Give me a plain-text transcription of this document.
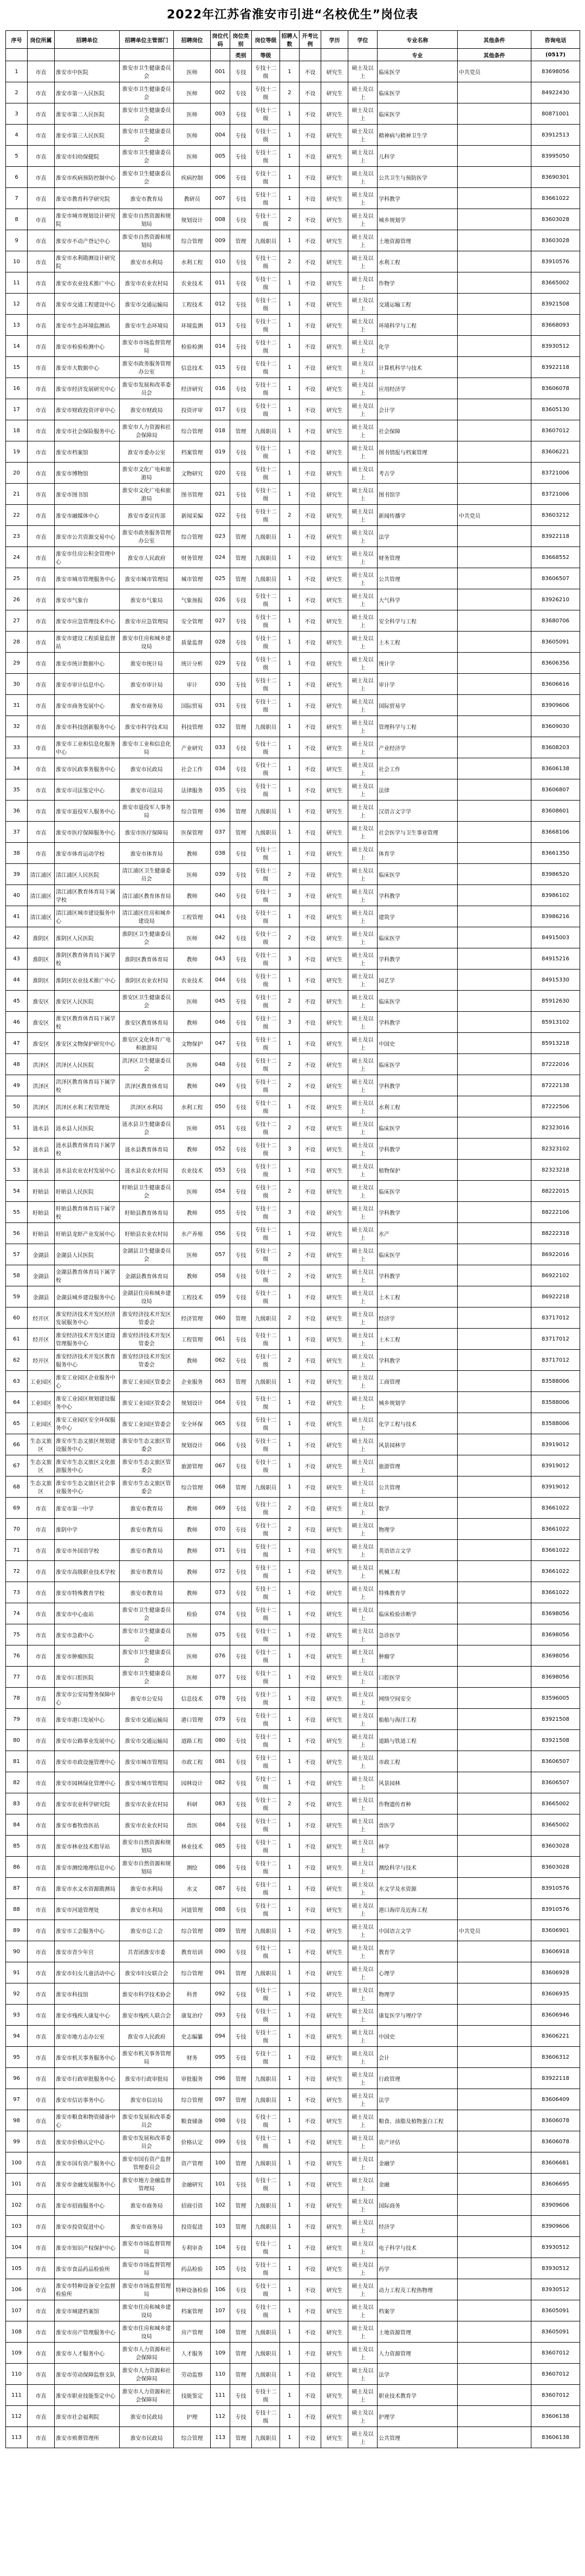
2022年江苏省淮安市引进“名校优生”岗位表
序号	岗位所属	招聘单位	招聘单位主管部门	招聘岗位	岗位代码	岗位类别	岗位等级	招聘人数	开考比例	学历	学位	专业名称	其他条件	咨询电话
						类别	等级					专业	其他条件	(0517)
1	市直	淮安市中医院	淮安市卫生健康委员会	医师	001	专技	专技十二级	1	不设	研究生	硕士及以上	临床医学	中共党员	83698056
2	市直	淮安市第一人民医院	淮安市卫生健康委员会	医师	002	专技	专技十二级	2	不设	研究生	硕士及以上	临床医学		84922430
3	市直	淮安市第二人民医院	淮安市卫生健康委员会	医师	003	专技	专技十二级	1	不设	研究生	硕士及以上	临床医学		80871001
4	市直	淮安市第三人民医院	淮安市卫生健康委员会	医师	004	专技	专技十二级	1	不设	研究生	硕士及以上	精神病与精神卫生学		83912513
5	市直	淮安市妇幼保健院	淮安市卫生健康委员会	医师	005	专技	专技十二级	1	不设	研究生	硕士及以上	儿科学		83995050
6	市直	淮安市疾病预防控制中心	淮安市卫生健康委员会	疾病控制	006	专技	专技十二级	1	不设	研究生	硕士及以上	公共卫生与预防医学		83690301
7	市直	淮安市教育科学研究院	淮安市教育局	教研员	007	专技	专技十二级	1	不设	研究生	硕士及以上	学科教学		83661022
8	市直	淮安市城市规划设计研究院	淮安市自然资源和规划局	规划设计	008	专技	专技十二级	2	不设	研究生	硕士及以上	城乡规划学		83603028
9	市直	淮安市不动产登记中心	淮安市自然资源和规划局	综合管理	009	管理	九级职员	1	不设	研究生	硕士及以上	土地资源管理		83603028
10	市直	淮安市水利勘测设计研究院	淮安市水利局	水利工程	010	专技	专技十二级	2	不设	研究生	硕士及以上	水利工程		83910576
11	市直	淮安市农业技术推广中心	淮安市农业农村局	农业技术	011	专技	专技十二级	1	不设	研究生	硕士及以上	作物学		83665002
12	市直	淮安市交通工程建设中心	淮安市交通运输局	工程技术	012	专技	专技十二级	1	不设	研究生	硕士及以上	交通运输工程		83921508
13	市直	淮安市生态环境监测站	淮安市生态环境局	环境监测	013	专技	专技十二级	1	不设	研究生	硕士及以上	环境科学与工程		83668093
14	市直	淮安市检验检测中心	淮安市市场监督管理局	检验检测	014	专技	专技十二级	1	不设	研究生	硕士及以上	化学		83930512
15	市直	淮安市大数据中心	淮安市政务服务管理办公室	信息技术	015	专技	专技十二级	1	不设	研究生	硕士及以上	计算机科学与技术		83922118
16	市直	淮安市经济发展研究中心	淮安市发展和改革委员会	经济研究	016	专技	专技十二级	1	不设	研究生	硕士及以上	应用经济学		83606078
17	市直	淮安市财政投资评审中心	淮安市财政局	投资评审	017	专技	专技十二级	1	不设	研究生	硕士及以上	会计学		83605130
18	市直	淮安市社会保险服务中心	淮安市人力资源和社会保障局	综合管理	018	管理	九级职员	1	不设	研究生	硕士及以上	社会保障		83607012
19	市直	淮安市档案馆	淮安市委办公室	档案管理	019	专技	专技十二级	1	不设	研究生	硕士及以上	图书情报与档案管理		83606221
20	市直	淮安市博物馆	淮安市文化广电和旅游局	文物研究	020	专技	专技十二级	1	不设	研究生	硕士及以上	考古学		83721006
21	市直	淮安市图书馆	淮安市文化广电和旅游局	图书管理	021	专技	专技十二级	1	不设	研究生	硕士及以上	图书馆学		83721006
22	市直	淮安市融媒体中心	淮安市委宣传部	新闻采编	022	专技	专技十二级	2	不设	研究生	硕士及以上	新闻传播学	中共党员	83603212
23	市直	淮安市公共资源交易中心	淮安市政务服务管理办公室	综合管理	023	管理	九级职员	1	不设	研究生	硕士及以上	法学		83922118
24	市直	淮安市住房公积金管理中心	淮安市人民政府	财务管理	024	管理	九级职员	1	不设	研究生	硕士及以上	财务管理		83668552
25	市直	淮安市城市管理服务中心	淮安市城市管理局	城市管理	025	管理	九级职员	1	不设	研究生	硕士及以上	公共管理		83606507
26	市直	淮安市气象台	淮安市气象局	气象预报	026	专技	专技十二级	1	不设	研究生	硕士及以上	大气科学		83926210
27	市直	淮安市应急管理技术中心	淮安市应急管理局	安全管理	027	专技	专技十二级	1	不设	研究生	硕士及以上	安全科学与工程		83680706
28	市直	淮安市建设工程质量监督站	淮安市住房和城乡建设局	质量监督	028	专技	专技十二级	1	不设	研究生	硕士及以上	土木工程		83605091
29	市直	淮安市统计数据中心	淮安市统计局	统计分析	029	专技	专技十二级	1	不设	研究生	硕士及以上	统计学		83606356
30	市直	淮安市审计信息中心	淮安市审计局	审计	030	专技	专技十二级	1	不设	研究生	硕士及以上	审计学		83606616
31	市直	淮安市商务发展中心	淮安市商务局	国际贸易	031	专技	专技十二级	1	不设	研究生	硕士及以上	国际贸易学		83909606
32	市直	淮安市科技创新服务中心	淮安市科学技术局	科技管理	032	管理	九级职员	1	不设	研究生	硕士及以上	管理科学与工程		83609030
33	市直	淮安市工业和信息化服务中心	淮安市工业和信息化局	产业研究	033	专技	专技十二级	1	不设	研究生	硕士及以上	产业经济学		83608203
34	市直	淮安市民政事务服务中心	淮安市民政局	社会工作	034	专技	专技十二级	1	不设	研究生	硕士及以上	社会工作		83606138
35	市直	淮安市司法鉴定中心	淮安市司法局	法律服务	035	专技	专技十二级	1	不设	研究生	硕士及以上	法律		83606807
36	市直	淮安市退役军人服务中心	淮安市退役军人事务局	综合管理	036	管理	九级职员	1	不设	研究生	硕士及以上	汉语言文字学		83608601
37	市直	淮安市医疗保障服务中心	淮安市医疗保障局	医保管理	037	管理	九级职员	1	不设	研究生	硕士及以上	社会医学与卫生事业管理		83668106
38	市直	淮安市体育运动学校	淮安市体育局	教师	038	专技	专技十二级	1	不设	研究生	硕士及以上	体育学		83661350
39	清江浦区	清江浦区人民医院	清江浦区卫生健康委员会	医师	039	专技	专技十二级	2	不设	研究生	硕士及以上	临床医学		83986520
40	清江浦区	清江浦区教育体育局下属学校	清江浦区教育体育局	教师	040	专技	专技十二级	3	不设	研究生	硕士及以上	学科教学		83986102
41	清江浦区	清江浦区城市建设服务中心	清江浦区住房和城乡建设局	工程管理	041	专技	专技十二级	1	不设	研究生	硕士及以上	建筑学		83986216
42	淮阴区	淮阴区人民医院	淮阴区卫生健康委员会	医师	042	专技	专技十二级	2	不设	研究生	硕士及以上	临床医学		84915003
43	淮阴区	淮阴区教育体育局下属学校	淮阴区教育体育局	教师	043	专技	专技十二级	3	不设	研究生	硕士及以上	学科教学		84915216
44	淮阴区	淮阴区农业技术推广中心	淮阴区农业农村局	农业技术	044	专技	专技十二级	1	不设	研究生	硕士及以上	园艺学		84915330
45	淮安区	淮安区人民医院	淮安区卫生健康委员会	医师	045	专技	专技十二级	2	不设	研究生	硕士及以上	临床医学		85912630
46	淮安区	淮安区教育体育局下属学校	淮安区教育体育局	教师	046	专技	专技十二级	3	不设	研究生	硕士及以上	学科教学		85913102
47	淮安区	淮安区文物保护研究中心	淮安区文化体育广电和旅游局	文物保护	047	专技	专技十二级	1	不设	研究生	硕士及以上	中国史		85913218
48	洪泽区	洪泽区人民医院	洪泽区卫生健康委员会	医师	048	专技	专技十二级	2	不设	研究生	硕士及以上	临床医学		87222016
49	洪泽区	洪泽区教育体育局下属学校	洪泽区教育体育局	教师	049	专技	专技十二级	2	不设	研究生	硕士及以上	学科教学		87222138
50	洪泽区	洪泽区水利工程管理处	洪泽区水利局	水利工程	050	专技	专技十二级	1	不设	研究生	硕士及以上	水利工程		87222506
51	涟水县	涟水县人民医院	涟水县卫生健康委员会	医师	051	专技	专技十二级	2	不设	研究生	硕士及以上	临床医学		82323016
52	涟水县	涟水县教育体育局下属学校	涟水县教育体育局	教师	052	专技	专技十二级	3	不设	研究生	硕士及以上	学科教学		82323102
53	涟水县	涟水县农业农村发展中心	涟水县农业农村局	农业技术	053	专技	专技十二级	1	不设	研究生	硕士及以上	植物保护		82323218
54	盱眙县	盱眙县人民医院	盱眙县卫生健康委员会	医师	054	专技	专技十二级	2	不设	研究生	硕士及以上	临床医学		88222015
55	盱眙县	盱眙县教育体育局下属学校	盱眙县教育体育局	教师	055	专技	专技十二级	3	不设	研究生	硕士及以上	学科教学		88222106
56	盱眙县	盱眙县龙虾产业发展中心	盱眙县农业农村局	水产养殖	056	专技	专技十二级	1	不设	研究生	硕士及以上	水产		88222318
57	金湖县	金湖县人民医院	金湖县卫生健康委员会	医师	057	专技	专技十二级	2	不设	研究生	硕士及以上	临床医学		86922016
58	金湖县	金湖县教育体育局下属学校	金湖县教育体育局	教师	058	专技	专技十二级	2	不设	研究生	硕士及以上	学科教学		86922102
59	金湖县	金湖县城乡建设服务中心	金湖县住房和城乡建设局	工程技术	059	专技	专技十二级	1	不设	研究生	硕士及以上	土木工程		86922218
60	经开区	淮安经济技术开发区经济发展服务中心	淮安经济技术开发区管委会	经济管理	060	管理	九级职员	2	不设	研究生	硕士及以上	经济学		83717012
61	经开区	淮安经济技术开发区建设管理服务中心	淮安经济技术开发区管委会	工程管理	061	专技	专技十二级	1	不设	研究生	硕士及以上	土木工程		83717012
62	经开区	淮安经济技术开发区教育服务中心	淮安经济技术开发区管委会	教师	062	专技	专技十二级	2	不设	研究生	硕士及以上	学科教学		83717012
63	工业园区	淮安工业园区企业服务中心	淮安工业园区管委会	企业服务	063	管理	九级职员	1	不设	研究生	硕士及以上	工商管理		83588006
64	工业园区	淮安工业园区规划建设服务中心	淮安工业园区管委会	规划设计	064	专技	专技十二级	1	不设	研究生	硕士及以上	城乡规划学		83588006
65	工业园区	淮安工业园区安全环保服务中心	淮安工业园区管委会	安全环保	065	专技	专技十二级	1	不设	研究生	硕士及以上	化学工程与技术		83588006
66	生态文旅区	淮安市生态文旅区规划建设服务中心	淮安市生态文旅区管委会	规划设计	066	专技	专技十二级	1	不设	研究生	硕士及以上	风景园林学		83919012
67	生态文旅区	淮安市生态文旅区文化旅游服务中心	淮安市生态文旅区管委会	旅游管理	067	专技	专技十二级	1	不设	研究生	硕士及以上	旅游管理		83919012
68	生态文旅区	淮安市生态文旅区社会事业服务中心	淮安市生态文旅区管委会	综合管理	068	管理	九级职员	1	不设	研究生	硕士及以上	公共管理		83919012
69	市直	淮安市第一中学	淮安市教育局	教师	069	专技	专技十二级	2	不设	研究生	硕士及以上	数学		83661022
70	市直	淮阴中学	淮安市教育局	教师	070	专技	专技十二级	2	不设	研究生	硕士及以上	物理学		83661022
71	市直	淮安市外国语学校	淮安市教育局	教师	071	专技	专技十二级	1	不设	研究生	硕士及以上	英语语言文学		83661022
72	市直	淮安市高级职业技术学校	淮安市教育局	教师	072	专技	专技十二级	1	不设	研究生	硕士及以上	机械工程		83661022
73	市直	淮安市特殊教育学校	淮安市教育局	教师	073	专技	专技十二级	1	不设	研究生	硕士及以上	特殊教育学		83661022
74	市直	淮安市中心血站	淮安市卫生健康委员会	检验	074	专技	专技十二级	1	不设	研究生	硕士及以上	临床检验诊断学		83698056
75	市直	淮安市急救中心	淮安市卫生健康委员会	医师	075	专技	专技十二级	1	不设	研究生	硕士及以上	急诊医学		83698056
76	市直	淮安市肿瘤医院	淮安市卫生健康委员会	医师	076	专技	专技十二级	1	不设	研究生	硕士及以上	肿瘤学		83698056
77	市直	淮安市口腔医院	淮安市卫生健康委员会	医师	077	专技	专技十二级	1	不设	研究生	硕士及以上	口腔医学		83698056
78	市直	淮安市公安局警务保障中心	淮安市公安局	信息技术	078	专技	专技十二级	1	不设	研究生	硕士及以上	网络空间安全		83596005
79	市直	淮安市港口发展中心	淮安市交通运输局	港口管理	079	专技	专技十二级	1	不设	研究生	硕士及以上	船舶与海洋工程		83921508
80	市直	淮安市公路事业发展中心	淮安市交通运输局	道路工程	080	专技	专技十二级	1	不设	研究生	硕士及以上	道路与铁道工程		83921508
81	市直	淮安市市政设施管理中心	淮安市城市管理局	市政工程	081	专技	专技十二级	1	不设	研究生	硕士及以上	市政工程		83606507
82	市直	淮安市园林绿化管理中心	淮安市城市管理局	园林设计	082	专技	专技十二级	1	不设	研究生	硕士及以上	风景园林		83606507
83	市直	淮安市农业科学研究院	淮安市农业农村局	科研	083	专技	专技十二级	2	不设	研究生	硕士及以上	作物遗传育种		83665002
84	市直	淮安市畜牧兽医站	淮安市农业农村局	兽医	084	专技	专技十二级	1	不设	研究生	硕士及以上	兽医学		83665002
85	市直	淮安市林业技术指导站	淮安市自然资源和规划局	林业技术	085	专技	专技十二级	1	不设	研究生	硕士及以上	林学		83603028
86	市直	淮安市测绘地理信息中心	淮安市自然资源和规划局	测绘	086	专技	专技十二级	1	不设	研究生	硕士及以上	测绘科学与技术		83603028
87	市直	淮安市水文水资源勘测局	淮安市水利局	水文	087	专技	专技十二级	1	不设	研究生	硕士及以上	水文学及水资源		83910576
88	市直	淮安市河道管理处	淮安市水利局	河道管理	088	专技	专技十二级	1	不设	研究生	硕士及以上	港口海岸及近海工程		83910576
89	市直	淮安市工会服务中心	淮安市总工会	综合管理	089	管理	九级职员	1	不设	研究生	硕士及以上	中国语言文学	中共党员	83606901
90	市直	淮安市青少年宫	共青团淮安市委	教育培训	090	专技	专技十二级	1	不设	研究生	硕士及以上	教育学		83606918
91	市直	淮安市妇女儿童活动中心	淮安市妇女联合会	综合管理	091	管理	九级职员	1	不设	研究生	硕士及以上	心理学		83606928
92	市直	淮安市科技馆	淮安市科学技术协会	科普	092	专技	专技十二级	1	不设	研究生	硕士及以上	物理学		83606935
93	市直	淮安市残疾人康复中心	淮安市残疾人联合会	康复治疗	093	专技	专技十二级	1	不设	研究生	硕士及以上	康复医学与理疗学		83606946
94	市直	淮安市地方志办公室	淮安市人民政府	史志编纂	094	专技	专技十二级	1	不设	研究生	硕士及以上	中国史		83606221
95	市直	淮安市机关事务服务中心	淮安市机关事务管理局	财务	095	专技	专技十二级	1	不设	研究生	硕士及以上	会计		83606312
96	市直	淮安市行政审批服务中心	淮安市行政审批局	审批服务	096	管理	九级职员	1	不设	研究生	硕士及以上	行政管理		83922118
97	市直	淮安市信访事务中心	淮安市信访局	综合管理	097	管理	九级职员	1	不设	研究生	硕士及以上	法学		83606409
98	市直	淮安市粮食和物资储备中心	淮安市发展和改革委员会	粮食储备	098	专技	专技十二级	1	不设	研究生	硕士及以上	粮食、油脂及植物蛋白工程		83606078
99	市直	淮安市价格认定中心	淮安市发展和改革委员会	价格认定	099	专技	专技十二级	1	不设	研究生	硕士及以上	资产评估		83606078
100	市直	淮安市国有资产服务中心	淮安市国有资产监督管理委员会	资产管理	100	管理	九级职员	1	不设	研究生	硕士及以上	金融学		83606681
101	市直	淮安市金融发展服务中心	淮安市地方金融监督管理局	金融研究	101	专技	专技十二级	1	不设	研究生	硕士及以上	金融		83606695
102	市直	淮安市招商服务中心	淮安市商务局	招商引资	102	管理	九级职员	1	不设	研究生	硕士及以上	国际商务		83909606
103	市直	淮安市投资促进中心	淮安市商务局	投资促进	103	管理	九级职员	1	不设	研究生	硕士及以上	经济学		83909606
104	市直	淮安市知识产权保护中心	淮安市市场监督管理局	专利审查	104	专技	专技十二级	1	不设	研究生	硕士及以上	电子科学与技术		83930512
105	市直	淮安市食品药品检验所	淮安市市场监督管理局	药品检验	105	专技	专技十二级	1	不设	研究生	硕士及以上	药学		83930512
106	市直	淮安市特种设备安全监督检验所	淮安市市场监督管理局	特种设备检验	106	专技	专技十二级	1	不设	研究生	硕士及以上	动力工程及工程热物理		83930512
107	市直	淮安市城建档案馆	淮安市住房和城乡建设局	档案管理	107	专技	专技十二级	1	不设	研究生	硕士及以上	档案学		83605091
108	市直	淮安市房产管理服务中心	淮安市住房和城乡建设局	房产管理	108	管理	九级职员	1	不设	研究生	硕士及以上	土地资源管理		83605091
109	市直	淮安市人才服务中心	淮安市人力资源和社会保障局	人才服务	109	管理	九级职员	1	不设	研究生	硕士及以上	人力资源管理		83607012
110	市直	淮安市劳动保障监察支队	淮安市人力资源和社会保障局	劳动监察	110	管理	九级职员	1	不设	研究生	硕士及以上	法学		83607012
111	市直	淮安市职业技能鉴定中心	淮安市人力资源和社会保障局	技能鉴定	111	专技	专技十二级	1	不设	研究生	硕士及以上	职业技术教育学		83607012
112	市直	淮安市社会福利院	淮安市民政局	护理	112	专技	专技十二级	1	不设	研究生	硕士及以上	护理学		83606138
113	市直	淮安市殡葬管理所	淮安市民政局	综合管理	113	管理	九级职员	1	不设	研究生	硕士及以上	公共管理		83606138
